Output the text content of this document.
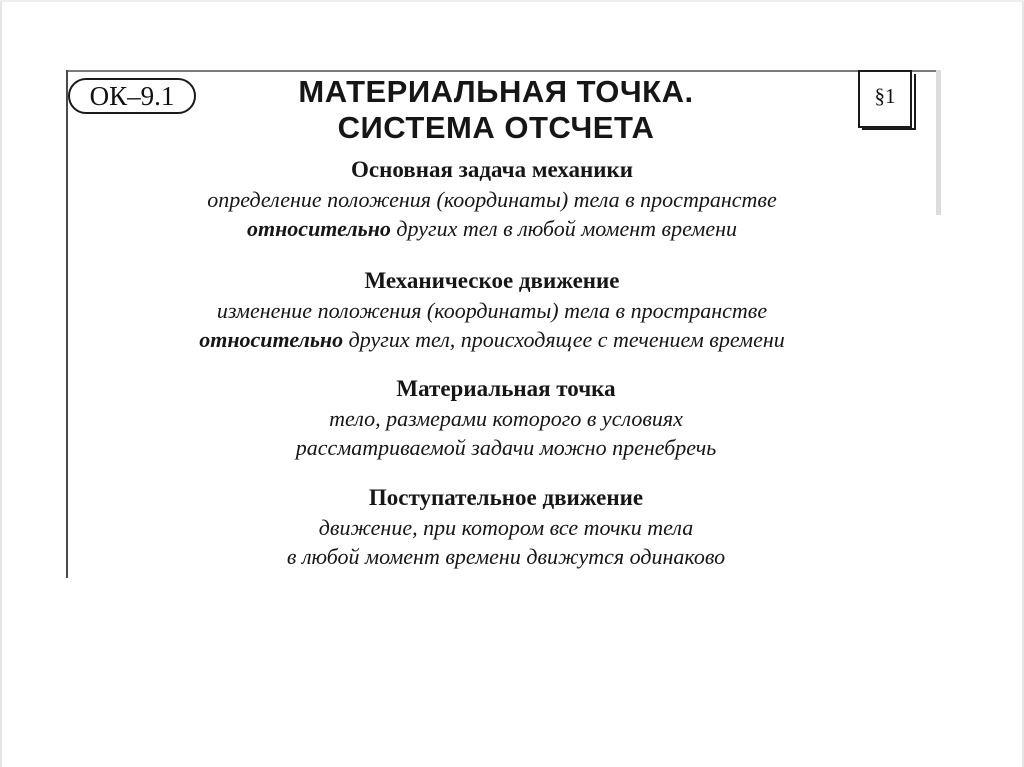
ОК–9.1	МАТЕРИАЛЬНАЯ ТОЧКА.
СИСТЕМА ОТСЧЕТА
§1
Основная задача механики
определение положения (координаты) тела в пространстве
относительно других тел в любой момент времени
Механическое движение
изменение положения (координаты) тела в пространстве
относительно других тел, происходящее с течением времени
Материальная точка
тело, размерами которого в условиях
рассматриваемой задачи можно пренебречь
Поступательное движение
движение, при котором все точки тела
в любой момент времени движутся одинаково
